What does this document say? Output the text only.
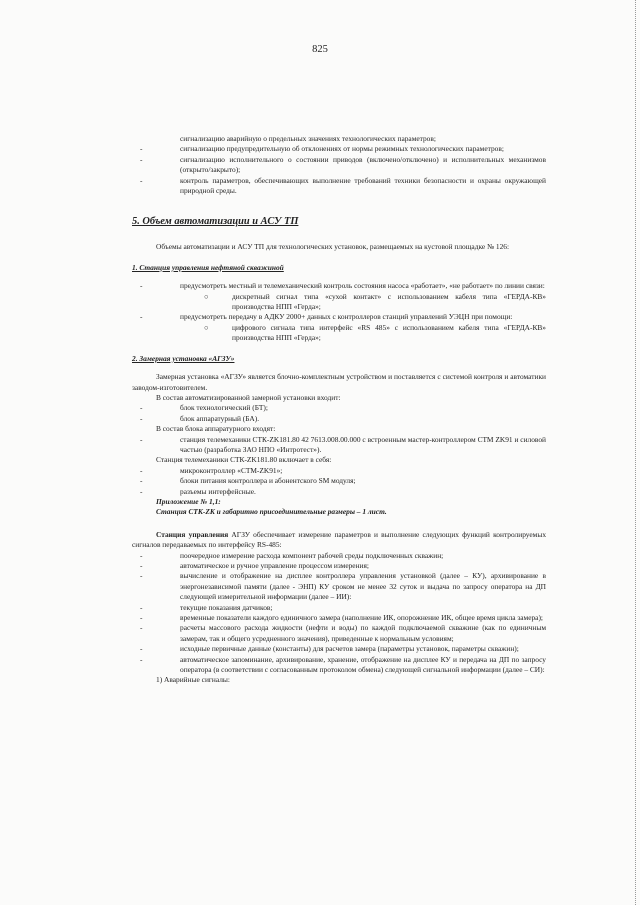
825

сигнализацию аварийную о предельных значениях технологических параметров;

-	сигнализацию предупредительную об отклонениях от нормы режимных технологических параметров;

-	сигнализацию исполнительного о состоянии приводов (включено/отключено) и исполнительных механизмов (открыто/закрыто);

-	контроль параметров, обеспечивающих выполнение требований техники безопасности и охраны окружающей природной среды.

5. Объем автоматизации и АСУ ТП

Объемы автоматизации и АСУ ТП для технологических установок, размещаемых на кустовой площадке № 126:

1. Станция управления нефтяной скважиной

-	предусмотреть местный и телемеханический контроль состояния насоса «работает», «не работает» по линии связи:

○	дискретный сигнал типа «сухой контакт» с использованием кабеля типа «ГЕРДА-КВ» производства НПП «Герда»;

-	предусмотреть передачу в АДКУ 2000+ данных с контроллеров станций управлений УЭЦН при помощи:

○	цифрового сигнала типа интерфейс «RS 485» с использованием кабеля типа «ГЕРДА-КВ» производства НПП «Герда»;

2. Замерная установка «АГЗУ»

Замерная установка «АГЗУ» является блочно-комплектным устройством и поставляется с системой контроля и автоматики заводом-изготовителем.

В состав автоматизированной замерной установки входит:

-	блок технологический (БТ);

-	блок аппаратурный (БА).

В состав блока аппаратурного входят:

-	станция телемеханики СТК-ZK181.80 42 7613.008.00.000 с встроенным мастер-контроллером СТМ ZK91 и силовой частью (разработка ЗАО НПО «Интротест»).

Станция телемеханики СТК-ZK181.80 включает в себя:

-	микроконтроллер «СТМ-ZK91»;

-	блоки питания контроллера и абонентского SM модуля;

-	разъемы интерфейсные.

Приложение № 1,1:

Станция СТК-ZK и габаритно присоединительные размеры – 1 лист.

Станция управления АГЗУ обеспечивает измерение параметров и выполнение следующих функций контролируемых сигналов передаваемых по интерфейсу RS-485:

-	поочередное измерение расхода компонент рабочей среды подключенных скважин;

-	автоматическое и ручное управление процессом измерения;

-	вычисление и отображение на дисплее контроллера управления установкой (далее – КУ), архивирование в энергонезависимой памяти (далее - ЭНП) КУ сроком не менее 32 суток и выдача по запросу оператора на ДП следующей измерительной информации (далее – ИИ):

-	текущие показания датчиков;

-	временные показатели каждого единичного замера (наполнение ИК, опорожнение ИК, общее время цикла замера);

-	расчеты массового расхода жидкости (нефти и воды) по каждой подключаемой скважине (как по единичным замерам, так и общего усредненного значения), приведенные к нормальным условиям;

-	исходные первичные данные (константы) для расчетов замера (параметры установок, параметры скважин);

-	автоматическое запоминание, архивирование, хранение, отображение на дисплее КУ и передача на ДП по запросу оператора (в соответствии с согласованным протоколом обмена) следующей сигнальной информации (далее – СИ):

1) Аварийные сигналы:
